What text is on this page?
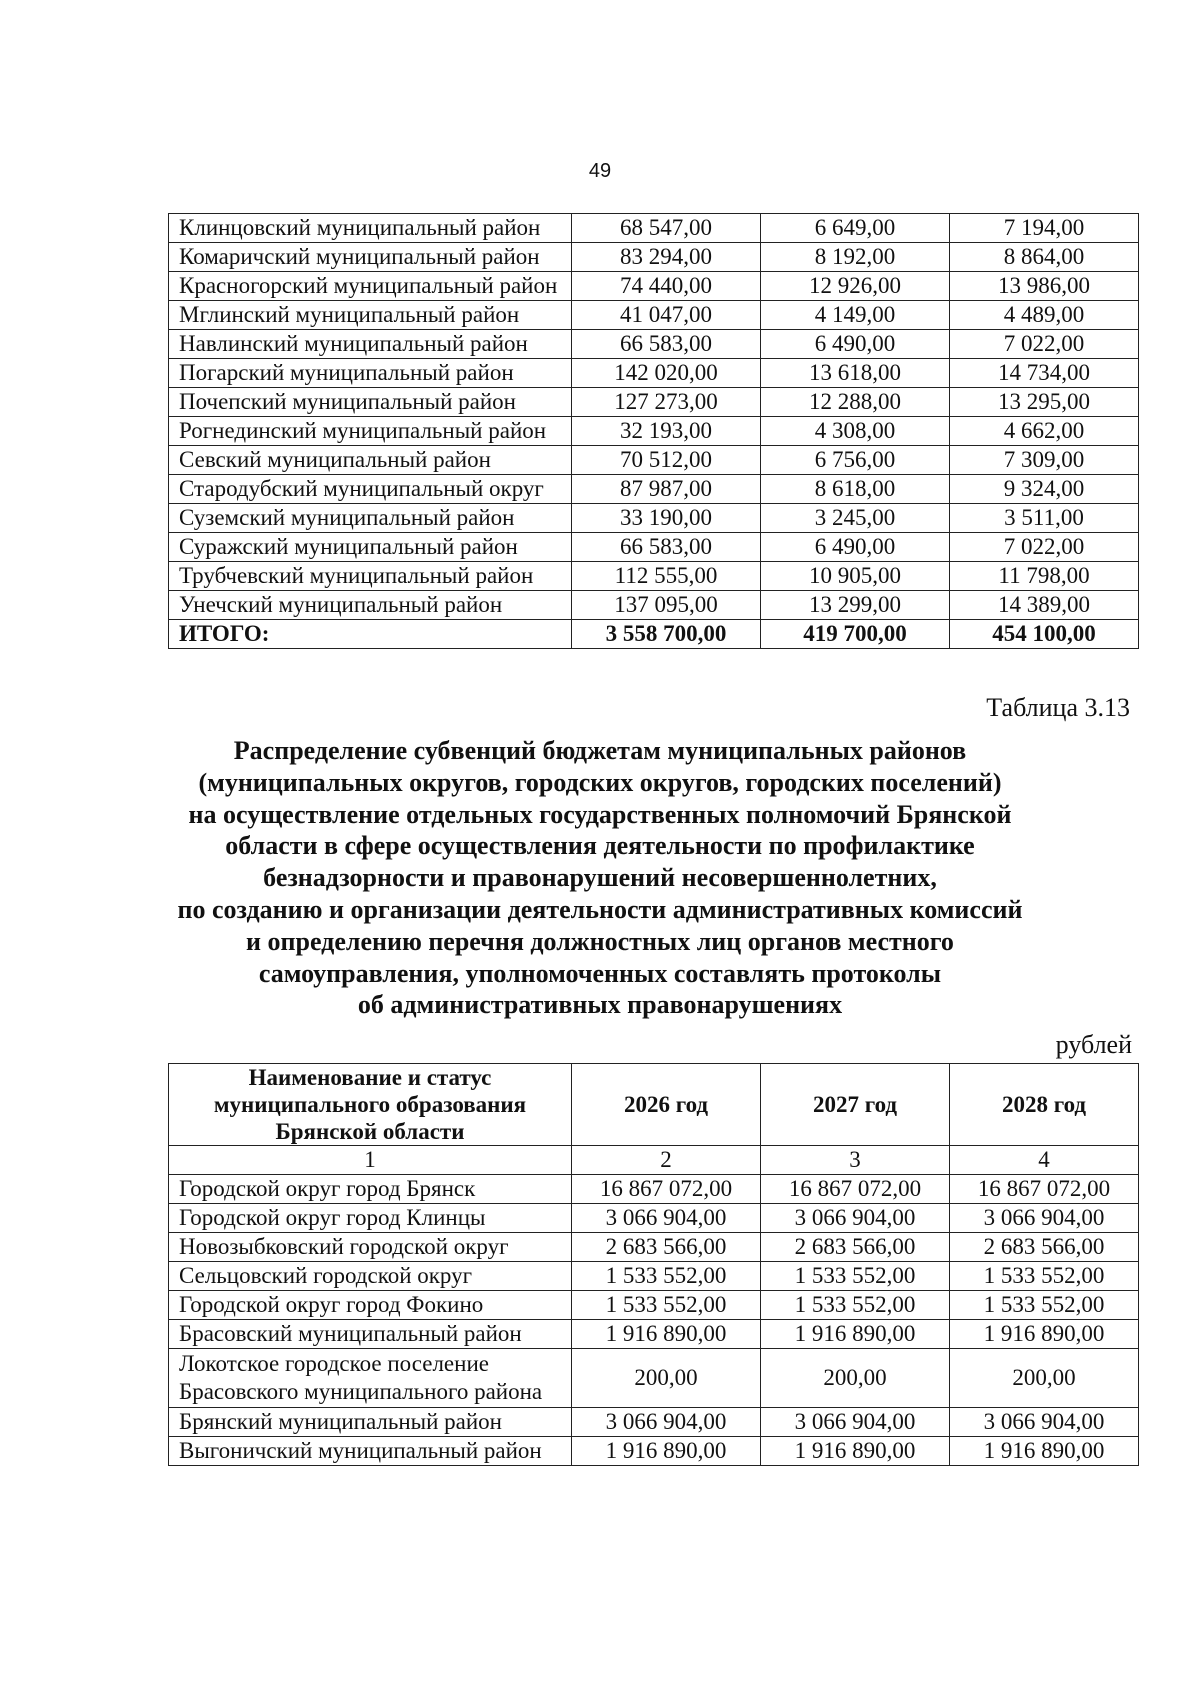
49
Клинцовский муниципальный район	68 547,00	6 649,00	7 194,00
Комаричский муниципальный район	83 294,00	8 192,00	8 864,00
Красногорский муниципальный район	74 440,00	12 926,00	13 986,00
Мглинский муниципальный район	41 047,00	4 149,00	4 489,00
Навлинский муниципальный район	66 583,00	6 490,00	7 022,00
Погарский муниципальный район	142 020,00	13 618,00	14 734,00
Почепский муниципальный район	127 273,00	12 288,00	13 295,00
Рогнединский муниципальный район	32 193,00	4 308,00	4 662,00
Севский муниципальный район	70 512,00	6 756,00	7 309,00
Стародубский муниципальный округ	87 987,00	8 618,00	9 324,00
Суземский муниципальный район	33 190,00	3 245,00	3 511,00
Суражский муниципальный район	66 583,00	6 490,00	7 022,00
Трубчевский муниципальный район	112 555,00	10 905,00	11 798,00
Унечский муниципальный район	137 095,00	13 299,00	14 389,00
ИТОГО:	3 558 700,00	419 700,00	454 100,00
Таблица 3.13
Распределение субвенций бюджетам муниципальных районов
(муниципальных округов, городских округов, городских поселений)
на осуществление отдельных государственных полномочий Брянской
области в сфере осуществления деятельности по профилактике
безнадзорности и правонарушений несовершеннолетних,
по созданию и организации деятельности административных комиссий
и определению перечня должностных лиц органов местного
самоуправления, уполномоченных составлять протоколы
об административных правонарушениях
рублей
Наименование и статус муниципального образования Брянской области	2026 год	2027 год	2028 год
1	2	3	4
Городской округ город Брянск	16 867 072,00	16 867 072,00	16 867 072,00
Городской округ город Клинцы	3 066 904,00	3 066 904,00	3 066 904,00
Новозыбковский городской округ	2 683 566,00	2 683 566,00	2 683 566,00
Сельцовский городской округ	1 533 552,00	1 533 552,00	1 533 552,00
Городской округ город Фокино	1 533 552,00	1 533 552,00	1 533 552,00
Брасовский муниципальный район	1 916 890,00	1 916 890,00	1 916 890,00
Локотское городское поселение Брасовского муниципального района	200,00	200,00	200,00
Брянский муниципальный район	3 066 904,00	3 066 904,00	3 066 904,00
Выгоничский муниципальный район	1 916 890,00	1 916 890,00	1 916 890,00
